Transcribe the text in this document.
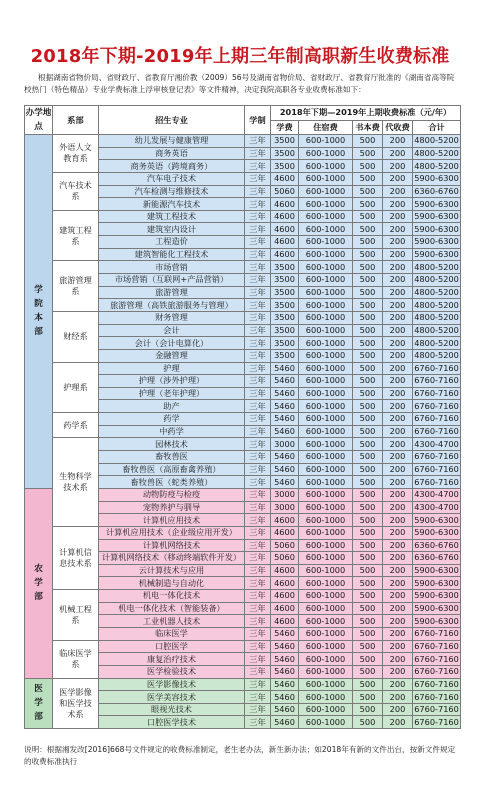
2018年下期-2019年上期三年制高职新生收费标准
根据湖南省物价局、省财政厅、省教育厅湘价教（2009）56号及湖南省物价局、省财政厅、省教育厅批准的《湖南省高等院校热门（特色精品）专业学费标准上浮审核登记表》等文件精神，决定我院高职各专业收费标准如下：
办学地点	系部	招生专业	学制	2018年下期—2019年上期收费标准（元/年）				
				学费	住宿费	书本费	代收费	合计
学院本部	外语人文教育系	幼儿发展与健康管理	三年	3500	600-1000	500	200	4800-5200
		商务英语	三年	3500	600-1000	500	200	4800-5200
		商务英语（跨境商务）	三年	3500	600-1000	500	200	4800-5200
	汽车技术系	汽车电子技术	三年	4600	600-1000	500	200	5900-6300
		汽车检测与维修技术	三年	5060	600-1000	500	200	6360-6760
		新能源汽车技术	三年	4600	600-1000	500	200	5900-6300
	建筑工程系	建筑工程技术	三年	4600	600-1000	500	200	5900-6300
		建筑室内设计	三年	4600	600-1000	500	200	5900-6300
		工程造价	三年	4600	600-1000	500	200	5900-6300
		建筑智能化工程技术	三年	4600	600-1000	500	200	5900-6300
	旅游管理系	市场营销	三年	3500	600-1000	500	200	4800-5200
		市场营销（互联网+产品营销）	三年	3500	600-1000	500	200	4800-5200
		旅游管理	三年	3500	600-1000	500	200	4800-5200
		旅游管理（高铁旅游服务与管理）	三年	3500	600-1000	500	200	4800-5200
	财经系	财务管理	三年	3500	600-1000	500	200	4800-5200
		会计	三年	3500	600-1000	500	200	4800-5200
		会计（会计电算化）	三年	3500	600-1000	500	200	4800-5200
		金融管理	三年	3500	600-1000	500	200	4800-5200
	护理系	护理	三年	5460	600-1000	500	200	6760-7160
		护理（涉外护理）	三年	5460	600-1000	500	200	6760-7160
		护理（老年护理）	三年	5460	600-1000	500	200	6760-7160
		助产	三年	5460	600-1000	500	200	6760-7160
	药学系	药学	三年	5460	600-1000	500	200	6760-7160
		中药学	三年	5460	600-1000	500	200	6760-7160
	生物科学技术系	园林技术	三年	3000	600-1000	500	200	4300-4700
		畜牧兽医	三年	5460	600-1000	500	200	6760-7160
		畜牧兽医（高原畜禽养殖）	三年	5460	600-1000	500	200	6760-7160
		畜牧兽医（蛇类养殖）	三年	5460	600-1000	500	200	6760-7160
农学部		动物防疫与检疫	三年	3000	600-1000	500	200	4300-4700
		宠物养护与驯导	三年	3000	600-1000	500	200	4300-4700
		计算机应用技术	三年	4600	600-1000	500	200	5900-6300
	计算机信息技术系	计算机应用技术（企业级应用开发）	三年	4600	600-1000	500	200	5900-6300
		计算机网络技术	三年	5060	600-1000	500	200	6360-6760
		计算机网络技术（移动终端软件开发）	三年	5060	600-1000	500	200	6360-6760
		云计算技术与应用	三年	4600	600-1000	500	200	5900-6300
		机械制造与自动化	三年	4600	600-1000	500	200	5900-6300
	机械工程系	机电一体化技术	三年	4600	600-1000	500	200	5900-6300
		机电一体化技术（智能装备）	三年	4600	600-1000	500	200	5900-6300
		工业机器人技术	三年	4600	600-1000	500	200	5900-6300
		临床医学	三年	5460	600-1000	500	200	6760-7160
	临床医学系	口腔医学	三年	5460	600-1000	500	200	6760-7160
		康复治疗技术	三年	5460	600-1000	500	200	6760-7160
		医学检验技术	三年	5460	600-1000	500	200	6760-7160
医学部	医学影像和医学技术系	医学影像技术	三年	5460	600-1000	500	200	6760-7160
		医学美容技术	三年	5460	600-1000	500	200	6760-7160
		眼视光技术	三年	5460	600-1000	500	200	6760-7160
		口腔医学技术	三年	5460	600-1000	500	200	6760-7160
说明：根据湘发改[2016]668号文件规定的收费标准制定，老生老办法，新生新办法；如2018年有新的文件出台，按新文件规定的收费标准执行
